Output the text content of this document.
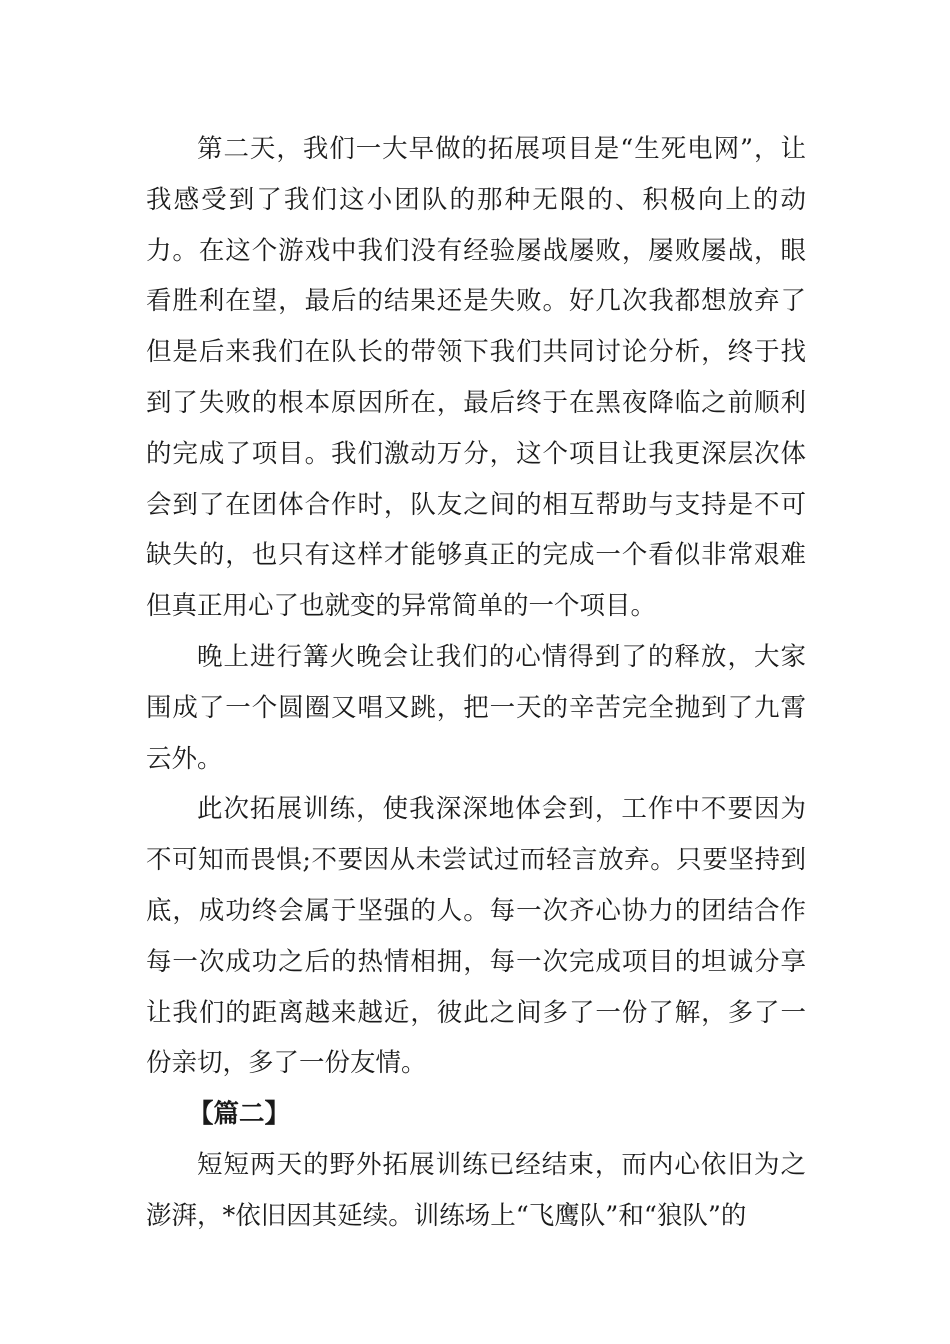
第二天，我们一大早做的拓展项目是“生死电网”，让我感受到了我们这小团队的那种无限的、积极向上的动力。在这个游戏中我们没有经验屡战屡败，屡败屡战，眼看胜利在望，最后的结果还是失败。好几次我都想放弃了但是后来我们在队长的带领下我们共同讨论分析，终于找到了失败的根本原因所在，最后终于在黑夜降临之前顺利的完成了项目。我们激动万分，这个项目让我更深层次体会到了在团体合作时，队友之间的相互帮助与支持是不可缺失的，也只有这样才能够真正的完成一个看似非常艰难但真正用心了也就变的异常简单的一个项目。

晚上进行篝火晚会让我们的心情得到了的释放，大家围成了一个圆圈又唱又跳，把一天的辛苦完全抛到了九霄云外。

此次拓展训练，使我深深地体会到，工作中不要因为不可知而畏惧;不要因从未尝试过而轻言放弃。只要坚持到底，成功终会属于坚强的人。每一次齐心协力的团结合作每一次成功之后的热情相拥，每一次完成项目的坦诚分享让我们的距离越来越近，彼此之间多了一份了解，多了一份亲切，多了一份友情。

【篇二】

短短两天的野外拓展训练已经结束，而内心依旧为之澎湃，*依旧因其延续。训练场上“飞鹰队”和“狼队”的
